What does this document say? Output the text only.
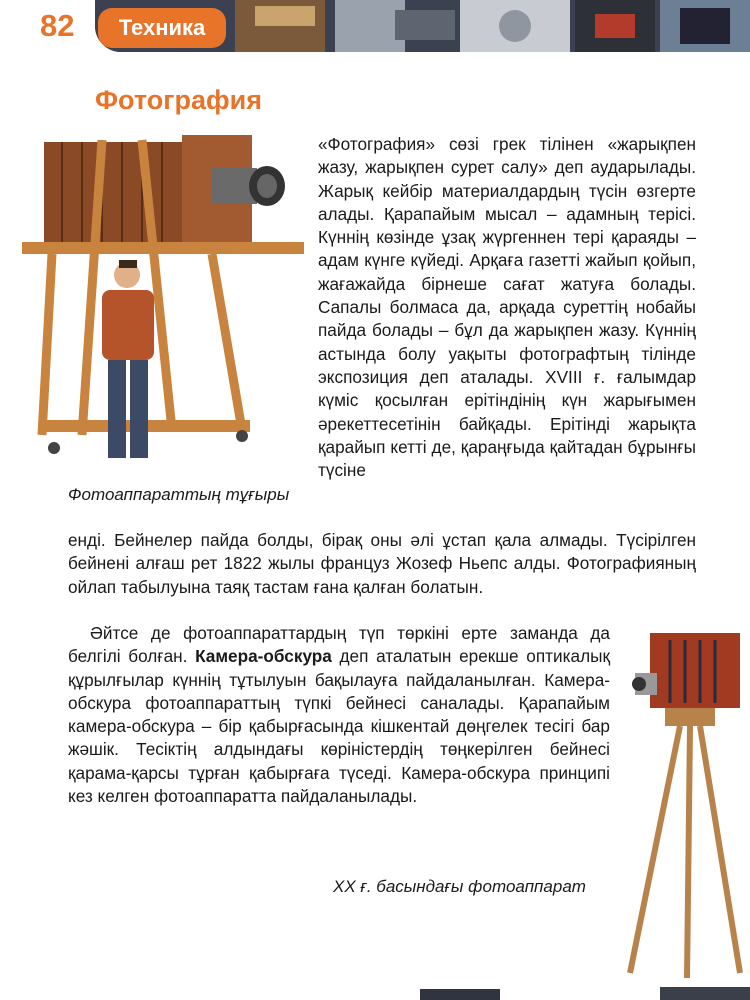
82	Техника
Фотография
Фотоаппараттың тұғыры
«Фотография» сөзі грек тілінен «жарықпен жазу, жарықпен сурет салу» деп аударылады. Жарық кейбір материалдардың түсін өзгерте алады. Қарапайым мысал – адамның терісі. Күннің көзінде ұзақ жүргеннен тері қараяды – адам күнге күйеді. Арқаға газетті жайып қойып, жағажайда бірнеше сағат жатуға болады. Сапалы болмаса да, арқада суреттің нобайы пайда болады – бұл да жарықпен жазу. Күннің астында болу уақыты фотографтың тілінде экспозиция деп аталады. XVIII ғ. ғалымдар күміс қосылған ерітіндінің күн жарығымен әрекеттесетінін байқады. Ерітінді жарықта қарайып кетті де, қараңғыда қайтадан бұрынғы түсіне
енді. Бейнелер пайда болды, бірақ оны әлі ұстап қала алмады. Түсірілген бейнені алғаш рет 1822 жылы француз Жозеф Ньепс алды. Фотографияның ойлап табылуына таяқ тастам ғана қалған болатын.
Әйтсе де фотоаппараттардың түп төркіні ерте заманда да белгілі болған. Камера-обскура деп аталатын ерекше оптикалық құрылғылар күннің тұтылуын бақылауға пайдаланылған. Камера-обскура фотоаппараттың түпкі бейнесі саналады. Қарапайым камера-обскура – бір қабырғасында кішкентай дөңгелек тесігі бар жәшік. Тесіктің алдындағы көріністердің төңкерілген бейнесі қарама-қарсы тұрған қабырғаға түседі. Камера-обскура принципі кез келген фотоаппаратта пайдаланылады.
XX ғ. басындағы фотоаппарат
